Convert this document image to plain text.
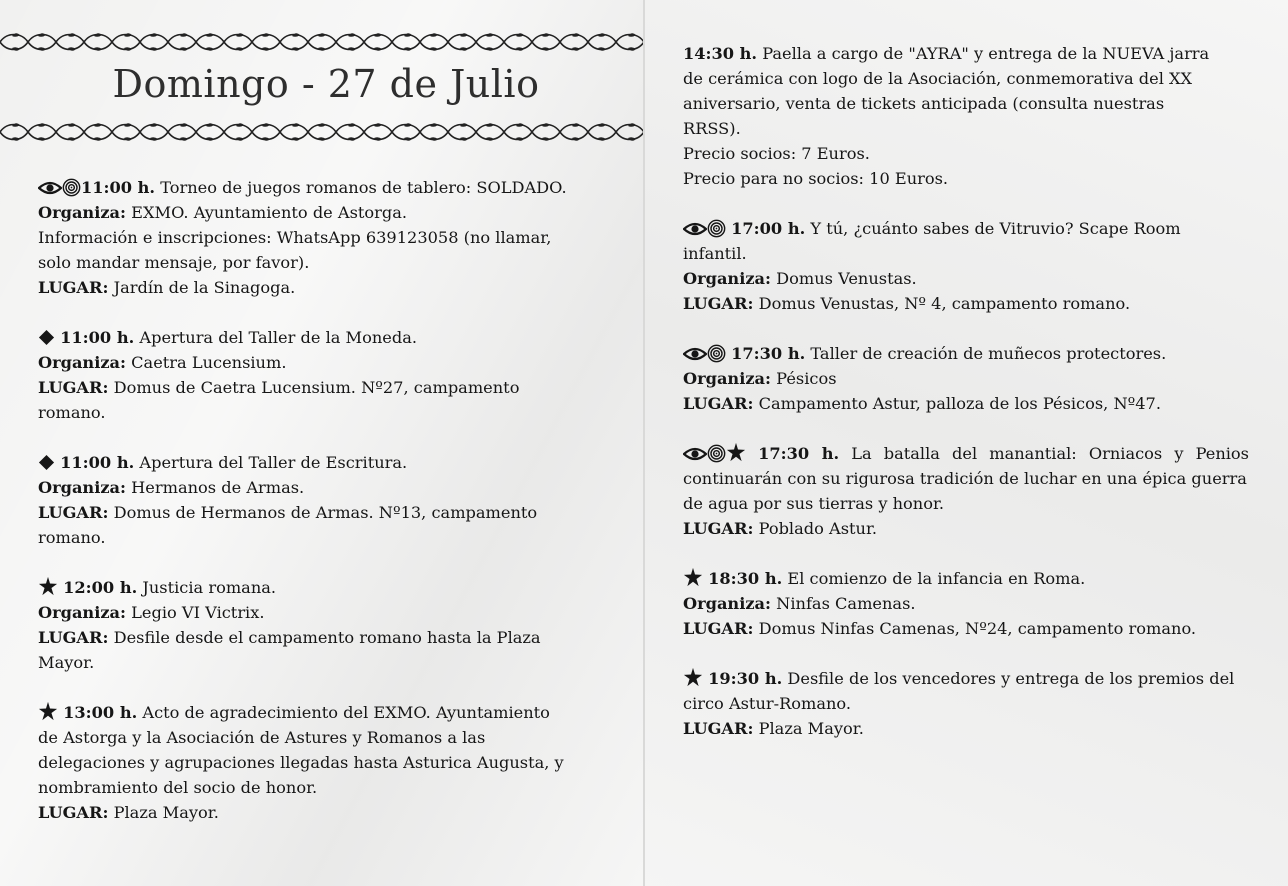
Domingo - 27 de Julio
11:00 h. Torneo de juegos romanos de tablero: SOLDADO.
Organiza: EXMO. Ayuntamiento de Astorga.
Información e inscripciones: WhatsApp 639123058 (no llamar,
solo mandar mensaje, por favor).
LUGAR: Jardín de la Sinagoga.
11:00 h. Apertura del Taller de la Moneda.
Organiza: Caetra Lucensium.
LUGAR: Domus de Caetra Lucensium. Nº27, campamento
romano.
11:00 h. Apertura del Taller de Escritura.
Organiza: Hermanos de Armas.
LUGAR: Domus de Hermanos de Armas. Nº13, campamento
romano.
12:00 h. Justicia romana.
Organiza: Legio VI Victrix.
LUGAR: Desfile desde el campamento romano hasta la Plaza
Mayor.
13:00 h. Acto de agradecimiento del EXMO. Ayuntamiento
de Astorga y la Asociación de Astures y Romanos a las
delegaciones y agrupaciones llegadas hasta Asturica Augusta, y
nombramiento del socio de honor.
LUGAR: Plaza Mayor.
14:30 h. Paella a cargo de "AYRA" y entrega de la NUEVA jarra
de cerámica con logo de la Asociación, conmemorativa del XX
aniversario, venta de tickets anticipada (consulta nuestras
RRSS).
Precio socios: 7 Euros.
Precio para no socios: 10 Euros.
17:00 h. Y tú, ¿cuánto sabes de Vitruvio? Scape Room
infantil.
Organiza: Domus Venustas.
LUGAR: Domus Venustas, Nº 4, campamento romano.
17:30 h. Taller de creación de muñecos protectores.
Organiza: Pésicos
LUGAR: Campamento Astur, palloza de los Pésicos, Nº47.
17:30 h. La batalla del manantial: Orniacos y Penios
continuarán con su rigurosa tradición de luchar en una épica guerra
de agua por sus tierras y honor.
LUGAR: Poblado Astur.
18:30 h. El comienzo de la infancia en Roma.
Organiza: Ninfas Camenas.
LUGAR: Domus Ninfas Camenas, Nº24, campamento romano.
19:30 h. Desfile de los vencedores y entrega de los premios del
circo Astur-Romano.
LUGAR: Plaza Mayor.
